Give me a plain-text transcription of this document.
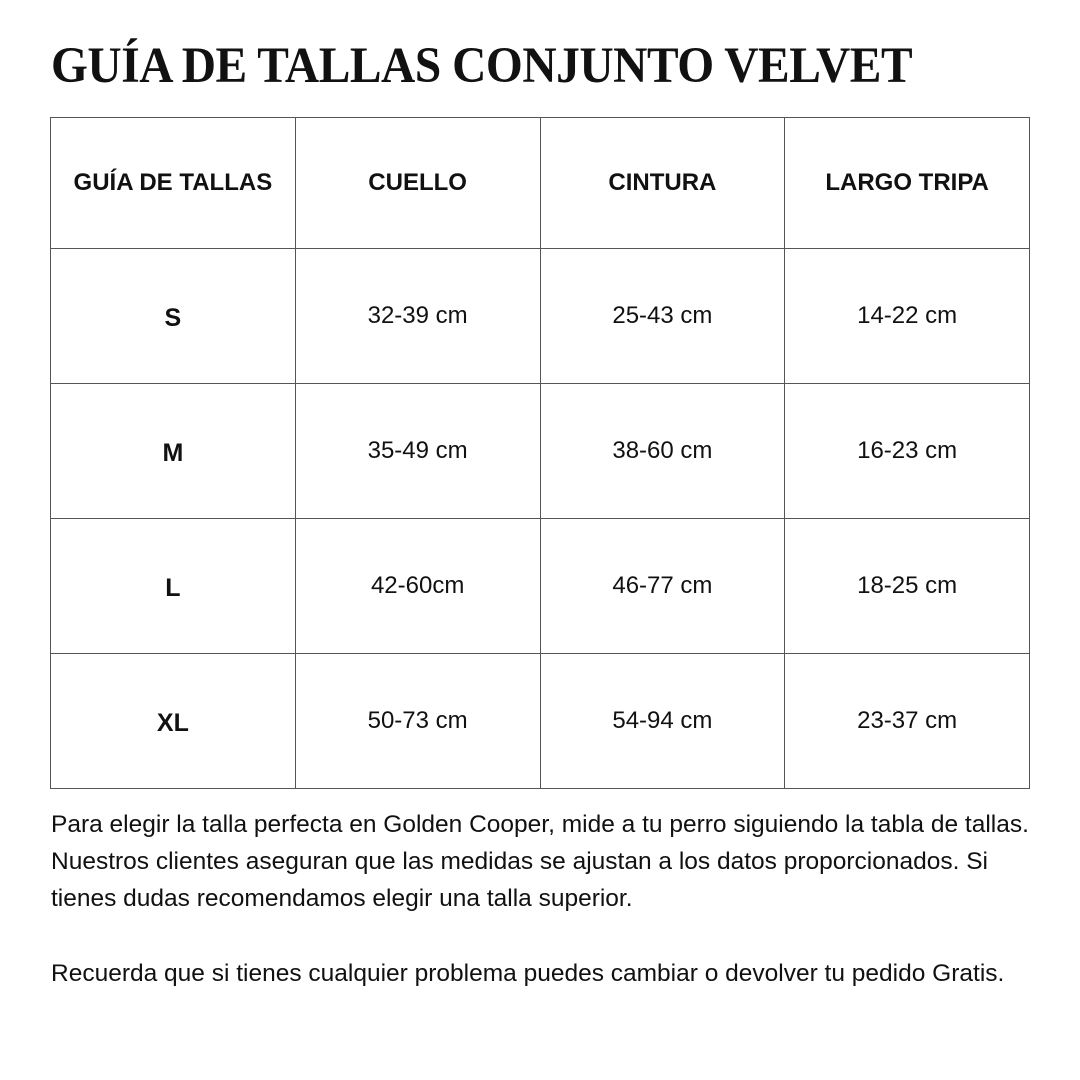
GUÍA DE TALLAS CONJUNTO VELVET
GUÍA DE TALLAS	CUELLO	CINTURA	LARGO TRIPA
S	32-39 cm	25-43 cm	14-22 cm
M	35-49 cm	38-60 cm	16-23 cm
L	42-60cm	46-77 cm	18-25 cm
XL	50-73 cm	54-94 cm	23-37 cm

Para elegir la talla perfecta en Golden Cooper, mide a tu perro siguiendo la tabla de tallas. Nuestros clientes aseguran que las medidas se ajustan a los datos proporcionados. Si tienes dudas recomendamos elegir una talla superior.

Recuerda que si tienes cualquier problema puedes cambiar o devolver tu pedido Gratis.
